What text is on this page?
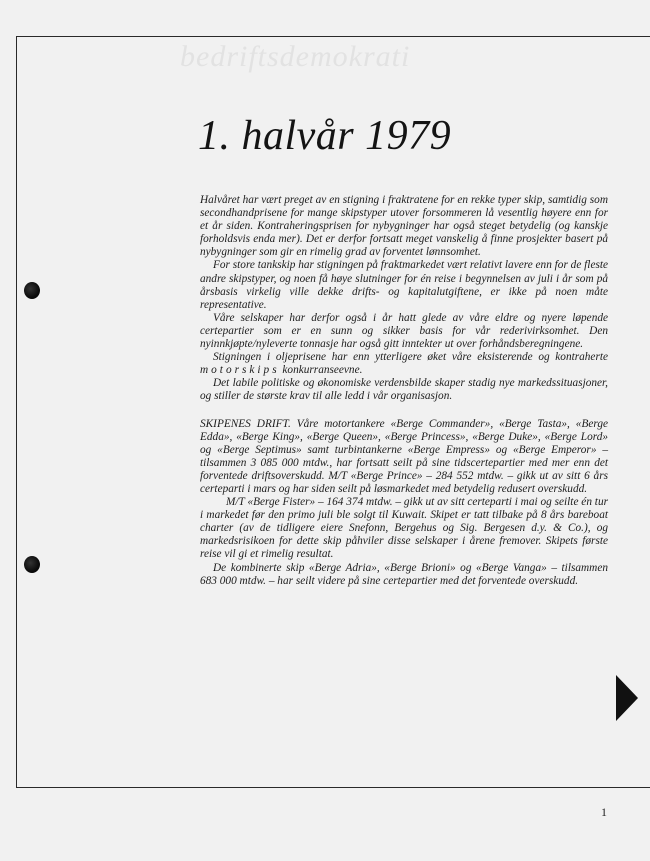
bedriftsdemokrati
1. halvår 1979

Halvåret har vært preget av en stigning i fraktratene for en rekke typer skip, samtidig som secondhandprisene for mange skipstyper utover forsommeren lå vesentlig høyere enn for et år siden. Kontraheringsprisen for nybygninger har også steget betydelig (og kanskje forholdsvis enda mer). Det er derfor fortsatt meget vanskelig å finne prosjekter basert på nybygninger som gir en rimelig grad av forventet lønnsomhet.

For store tankskip har stigningen på fraktmarkedet vært relativt lavere enn for de fleste andre skipstyper, og noen få høye slutninger for én reise i begynnelsen av juli i år som på årsbasis virkelig ville dekke drifts- og kapitalutgiftene, er ikke på noen måte representative.

Våre selskaper har derfor også i år hatt glede av våre eldre og nyere løpende certepartier som er en sunn og sikker basis for vår rederivirksomhet. Den nyinnkjøpte/nyleverte tonnasje har også gitt inntekter ut over forhåndsberegningene.

Stigningen i oljeprisene har enn ytterligere øket våre eksisterende og kontraherte motorskips konkurranseevne.

Det labile politiske og økonomiske verdensbilde skaper stadig nye markedssituasjoner, og stiller de største krav til alle ledd i vår organisasjon.

SKIPENES DRIFT. Våre motortankere «Berge Commander», «Berge Tasta», «Berge Edda», «Berge King», «Berge Queen», «Berge Princess», «Berge Duke», «Berge Lord» og «Berge Septimus» samt turbintankerne «Berge Empress» og «Berge Emperor» – tilsammen 3 085 000 mtdw., har fortsatt seilt på sine tidscertepartier med mer enn det forventede driftsoverskudd. M/T «Berge Prince» – 284 552 mtdw. – gikk ut av sitt 6 års certeparti i mars og har siden seilt på løsmarkedet med betydelig redusert overskudd.

M/T «Berge Fister» – 164 374 mtdw. – gikk ut av sitt certeparti i mai og seilte én tur i markedet før den primo juli ble solgt til Kuwait. Skipet er tatt tilbake på 8 års bareboat charter (av de tidligere eiere Snefonn, Bergehus og Sig. Bergesen d.y. & Co.), og markedsrisikoen for dette skip påhviler disse selskaper i årene fremover. Skipets første reise vil gi et rimelig resultat.

De kombinerte skip «Berge Adria», «Berge Brioni» og «Berge Vanga» – tilsammen 683 000 mtdw. – har seilt videre på sine certepartier med det forventede overskudd.

1
